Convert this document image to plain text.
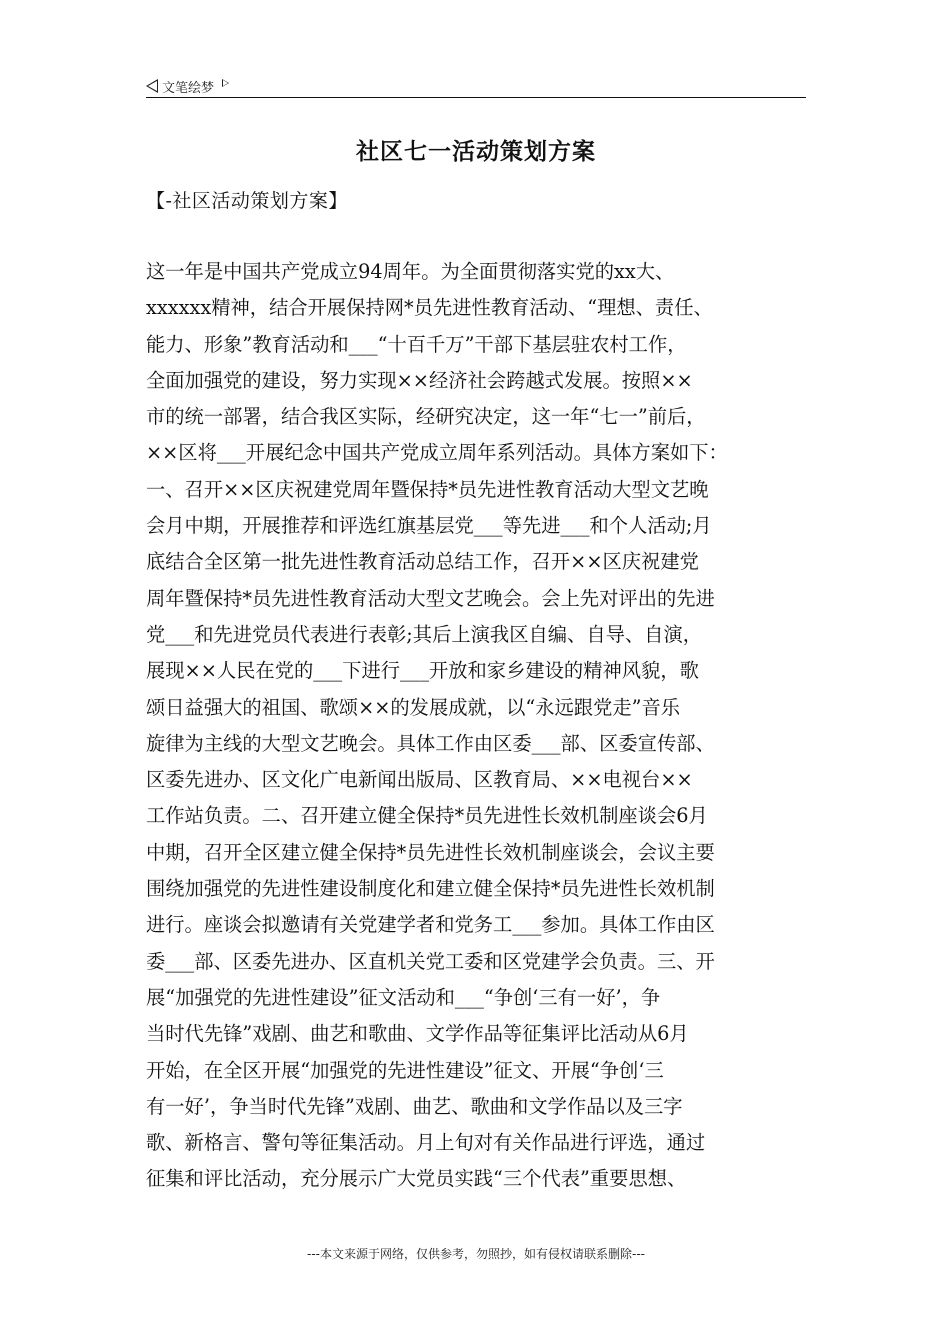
文笔绘梦
社区七一活动策划方案
【-社区活动策划方案】
这一年是中国共产党成立94周年。为全面贯彻落实党的xx大、
xxxxxx精神，结合开展保持网*员先进性教育活动、“理想、责任、
能力、形象”教育活动和___“十百千万”干部下基层驻农村工作，
全面加强党的建设，努力实现××经济社会跨越式发展。按照××
市的统一部署，结合我区实际，经研究决定，这一年“七一”前后，
××区将___开展纪念中国共产党成立周年系列活动。具体方案如下：
一、召开××区庆祝建党周年暨保持*员先进性教育活动大型文艺晚
会月中期，开展推荐和评选红旗基层党___等先进___和个人活动;月
底结合全区第一批先进性教育活动总结工作，召开××区庆祝建党
周年暨保持*员先进性教育活动大型文艺晚会。会上先对评出的先进
党___和先进党员代表进行表彰;其后上演我区自编、自导、自演，
展现××人民在党的___下进行___开放和家乡建设的精神风貌，歌
颂日益强大的祖国、歌颂××的发展成就，以“永远跟党走”音乐
旋律为主线的大型文艺晚会。具体工作由区委___部、区委宣传部、
区委先进办、区文化广电新闻出版局、区教育局、××电视台××
工作站负责。二、召开建立健全保持*员先进性长效机制座谈会6月
中期，召开全区建立健全保持*员先进性长效机制座谈会，会议主要
围绕加强党的先进性建设制度化和建立健全保持*员先进性长效机制
进行。座谈会拟邀请有关党建学者和党务工___参加。具体工作由区
委___部、区委先进办、区直机关党工委和区党建学会负责。三、开
展“加强党的先进性建设”征文活动和___“争创‘三有一好’，争
当时代先锋”戏剧、曲艺和歌曲、文学作品等征集评比活动从6月
开始，在全区开展“加强党的先进性建设”征文、开展“争创‘三
有一好’，争当时代先锋”戏剧、曲艺、歌曲和文学作品以及三字
歌、新格言、警句等征集活动。月上旬对有关作品进行评选，通过
征集和评比活动，充分展示广大党员实践“三个代表”重要思想、
---本文来源于网络，仅供参考，勿照抄，如有侵权请联系删除---
